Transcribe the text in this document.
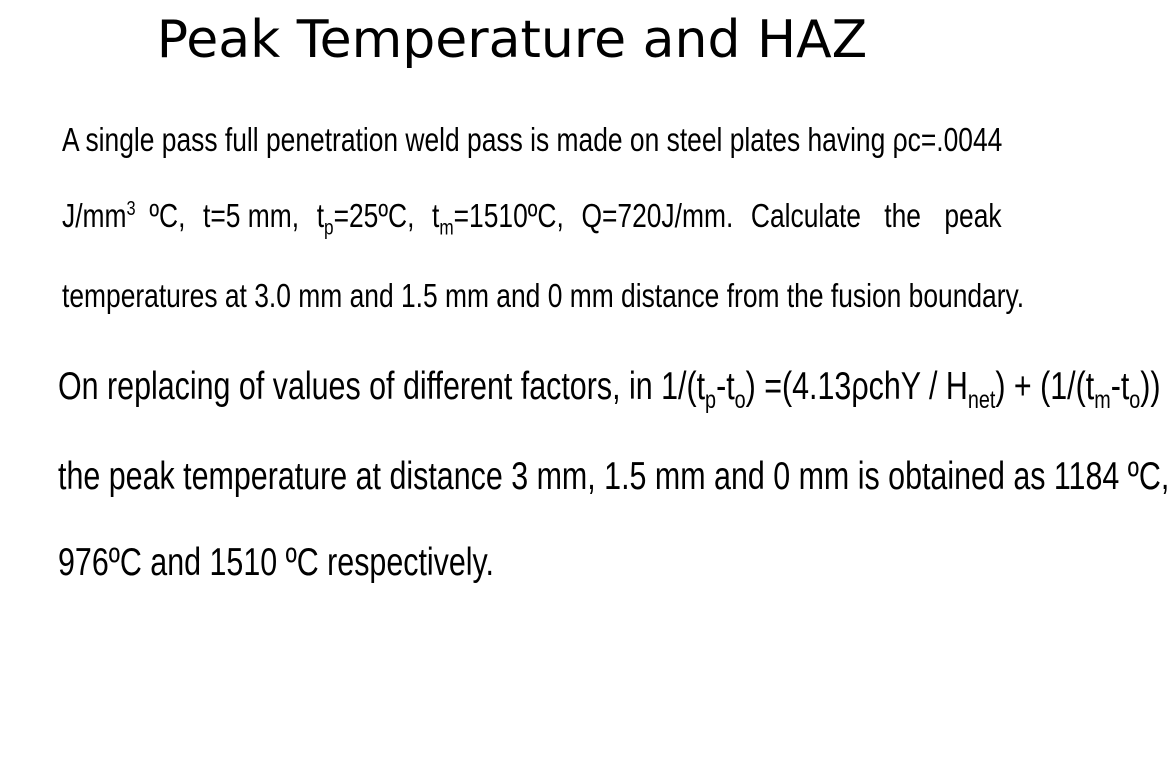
Peak Temperature and HAZ
A single pass full penetration weld pass is made on steel plates having ρc=.0044
$J/mm^3$ ºC, t=5 mm, $t_p=25ºC$, $t_m=1510ºC$, Q=720J/mm. Calculate the peak
temperatures at 3.0 mm and 1.5 mm and 0 mm distance from the fusion boundary.
On replacing of values of different factors, in $1/(t_p-t_o) =(4.13\rho chY / H_{net}) + (1/(t_m-t_o))$
the peak temperature at distance 3 mm, 1.5 mm and 0 mm is obtained as 1184 ºC,
976ºC and 1510 ºC respectively.
